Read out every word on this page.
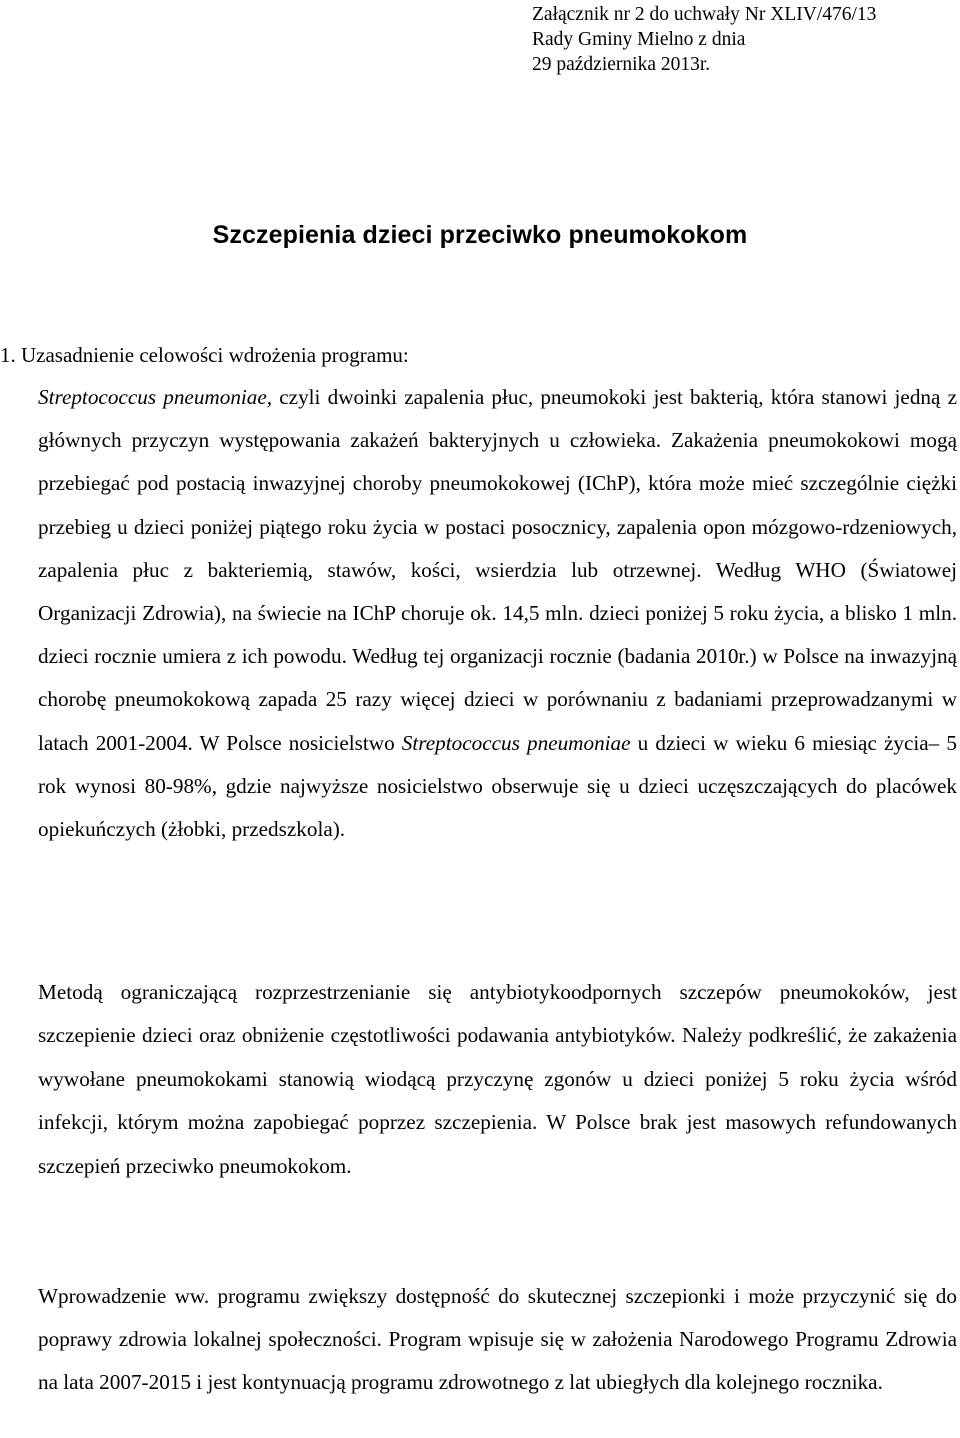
Załącznik nr 2 do uchwały Nr XLIV/476/13
Rady Gminy Mielno z dnia
29 października 2013r.
Szczepienia dzieci przeciwko pneumokokom
1. Uzasadnienie celowości wdrożenia programu:

Streptococcus pneumoniae, czyli dwoinki zapalenia płuc, pneumokoki jest bakterią, która stanowi jedną z głównych przyczyn występowania zakażeń bakteryjnych u człowieka. Zakażenia pneumokokowi mogą przebiegać pod postacią inwazyjnej choroby pneumokokowej (IChP), która może mieć szczególnie ciężki przebieg u dzieci poniżej piątego roku życia w postaci posocznicy, zapalenia opon mózgowo-rdzeniowych, zapalenia płuc z bakteriemią, stawów, kości, wsierdzia lub otrzewnej. Według WHO (Światowej Organizacji Zdrowia), na świecie na IChP choruje ok. 14,5 mln. dzieci poniżej 5 roku życia, a blisko 1 mln. dzieci rocznie umiera z ich powodu. Według tej organizacji rocznie (badania 2010r.) w Polsce na inwazyjną chorobę pneumokokową zapada 25 razy więcej dzieci w porównaniu z badaniami przeprowadzanymi w latach 2001-2004. W Polsce nosicielstwo Streptococcus pneumoniae u dzieci w wieku 6 miesiąc życia– 5 rok wynosi 80-98%, gdzie najwyższe nosicielstwo obserwuje się u dzieci uczęszczających do placówek opiekuńczych (żłobki, przedszkola).

Metodą ograniczającą rozprzestrzenianie się antybiotykoodpornych szczepów pneumokoków, jest szczepienie dzieci oraz obniżenie częstotliwości podawania antybiotyków. Należy podkreślić, że zakażenia wywołane pneumokokami stanowią wiodącą przyczynę zgonów u dzieci poniżej 5 roku życia wśród infekcji, którym można zapobiegać poprzez szczepienia. W Polsce brak jest masowych refundowanych szczepień przeciwko pneumokokom.

Wprowadzenie ww. programu zwiększy dostępność do skutecznej szczepionki i może przyczynić się do poprawy zdrowia lokalnej społeczności. Program wpisuje się w założenia Narodowego Programu Zdrowia na lata 2007-2015 i jest kontynuacją programu zdrowotnego z lat ubiegłych dla kolejnego rocznika.
